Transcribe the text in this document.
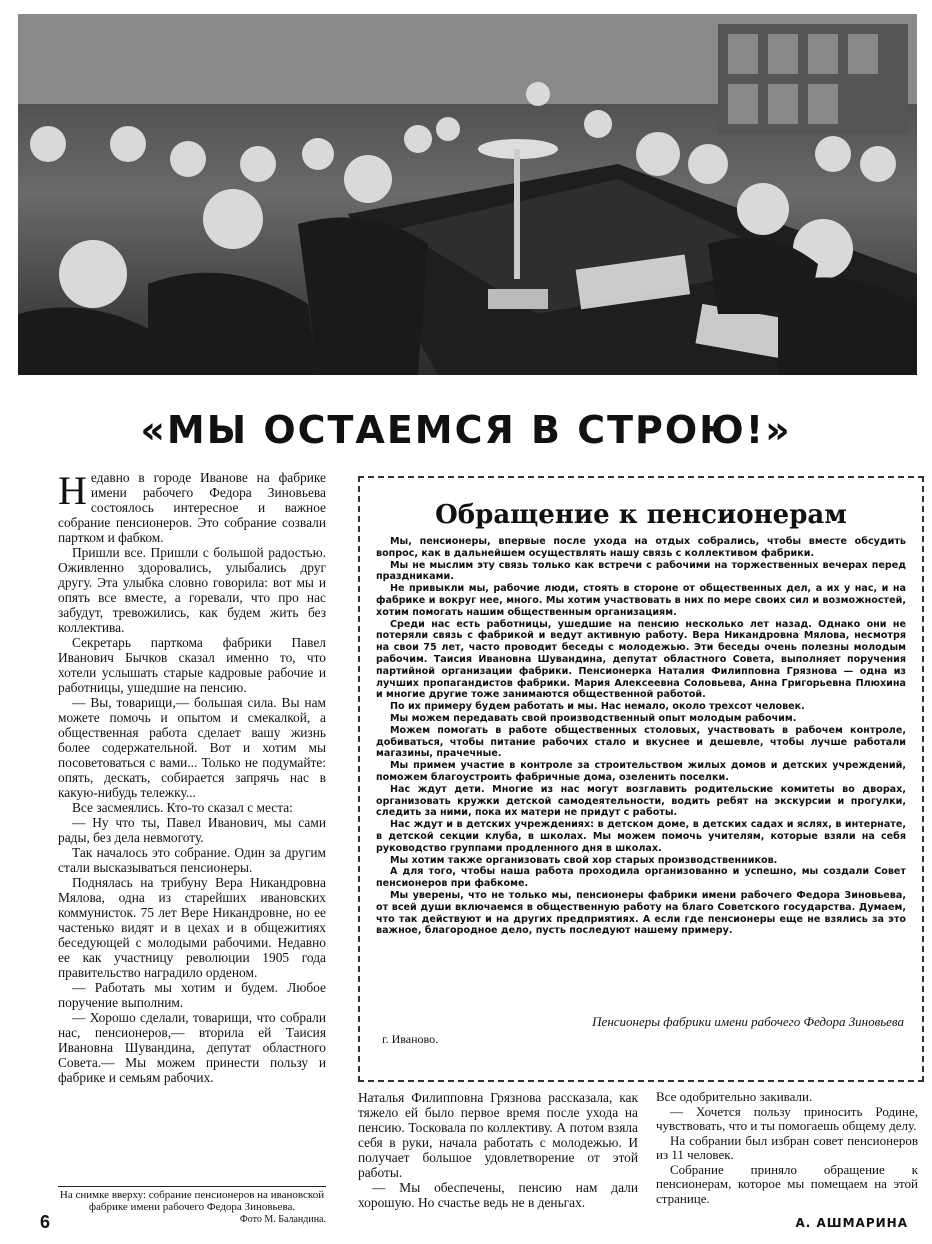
«МЫ ОСТАЕМСЯ В СТРОЮ!»
Н едавно в городе Иванове на фабрике имени рабочего Федора Зиновьева состоялось интересное и важное собрание пенсионеров. Это собрание созвали партком и фабком.

Пришли все. Пришли с большой радостью. Оживленно здоровались, улыбались друг другу. Эта улыбка словно говорила: вот мы и опять все вместе, а горевали, что про нас забудут, тревожились, как будем жить без коллектива.

Секретарь парткома фабрики Павел Иванович Бычков сказал именно то, что хотели услышать старые кадровые рабочие и работницы, ушедшие на пенсию.

— Вы, товарищи,— большая сила. Вы нам можете помочь и опытом и смекалкой, а общественная работа сделает вашу жизнь более содержательной. Вот и хотим мы посоветоваться с вами... Только не подумайте: опять, дескать, собирается запрячь нас в какую-нибудь тележку...

Все засмеялись. Кто-то сказал с места:

— Ну что ты, Павел Иванович, мы сами рады, без дела невмоготу.

Так началось это собрание. Один за другим стали высказываться пенсионеры.

Поднялась на трибуну Вера Никандровна Мялова, одна из старейших ивановских коммунисток. 75 лет Вере Никандровне, но ее частенько видят и в цехах и в общежитиях беседующей с молодыми рабочими. Недавно ее как участницу революции 1905 года правительство наградило орденом.

— Работать мы хотим и будем. Любое поручение выполним.

— Хорошо сделали, товарищи, что собрали нас, пенсионеров,— вторила ей Таисия Ивановна Шувандина, депутат областного Совета.— Мы можем принести пользу и фабрике и семьям рабочих.

Обращение к пенсионерам

Мы, пенсионеры, впервые после ухода на отдых собрались, чтобы вместе обсудить вопрос, как в дальнейшем осуществлять нашу связь с коллективом фабрики.

Мы не мыслим эту связь только как встречи с рабочими на торжественных вечерах перед праздниками.

Не привыкли мы, рабочие люди, стоять в стороне от общественных дел, а их у нас, и на фабрике и вокруг нее, много. Мы хотим участвовать в них по мере своих сил и возможностей, хотим помогать нашим общественным организациям.

Среди нас есть работницы, ушедшие на пенсию несколько лет назад. Однако они не потеряли связь с фабрикой и ведут активную работу. Вера Никандровна Мялова, несмотря на свои 75 лет, часто проводит беседы с молодежью. Эти беседы очень полезны молодым рабочим. Таисия Ивановна Шувандина, депутат областного Совета, выполняет поручения партийной организации фабрики. Пенсионерка Наталия Филипповна Грязнова — одна из лучших пропагандистов фабрики. Мария Алексеевна Соловьева, Анна Григорьевна Плюхина и многие другие тоже занимаются общественной работой.

По их примеру будем работать и мы. Нас немало, около трехсот человек.

Мы можем передавать свой производственный опыт молодым рабочим.

Можем помогать в работе общественных столовых, участвовать в рабочем контроле, добиваться, чтобы питание рабочих стало и вкуснее и дешевле, чтобы лучше работали магазины, прачечные.

Мы примем участие в контроле за строительством жилых домов и детских учреждений, поможем благоустроить фабричные дома, озеленить поселки.

Нас ждут дети. Многие из нас могут возглавить родительские комитеты во дворах, организовать кружки детской самодеятельности, водить ребят на экскурсии и прогулки, следить за ними, пока их матери не придут с работы.

Нас ждут и в детских учреждениях: в детском доме, в детских садах и яслях, в интернате, в детской секции клуба, в школах. Мы можем помочь учителям, которые взяли на себя руководство группами продленного дня в школах.

Мы хотим также организовать свой хор старых производственников.

А для того, чтобы наша работа проходила организованно и успешно, мы создали Совет пенсионеров при фабкоме.

Мы уверены, что не только мы, пенсионеры фабрики имени рабочего Федора Зиновьева, от всей души включаемся в общественную работу на благо Советского государства. Думаем, что так действуют и на других предприятиях. А если где пенсионеры еще не взялись за это важное, благородное дело, пусть последуют нашему примеру.

Пенсионеры фабрики имени рабочего Федора Зиновьева
г. Иваново.

Наталья Филипповна Грязнова рассказала, как тяжело ей было первое время после ухода на пенсию. Тосковала по коллективу. А потом взяла себя в руки, начала работать с молодежью. И получает большое удовлетворение от этой работы.

— Мы обеспечены, пенсию нам дали хорошую. Но счастье ведь не в деньгах.

Все одобрительно закивали.

— Хочется пользу приносить Родине, чувствовать, что и ты помогаешь общему делу.

На собрании был избран совет пенсионеров из 11 человек.

Собрание приняло обращение к пенсионерам, которое мы помещаем на этой странице.

На снимке вверху: собрание пенсионеров на ивановской фабрике имени рабочего Федора Зиновьева.
Фото М. Баландина.
6	А. АШМАРИНА
